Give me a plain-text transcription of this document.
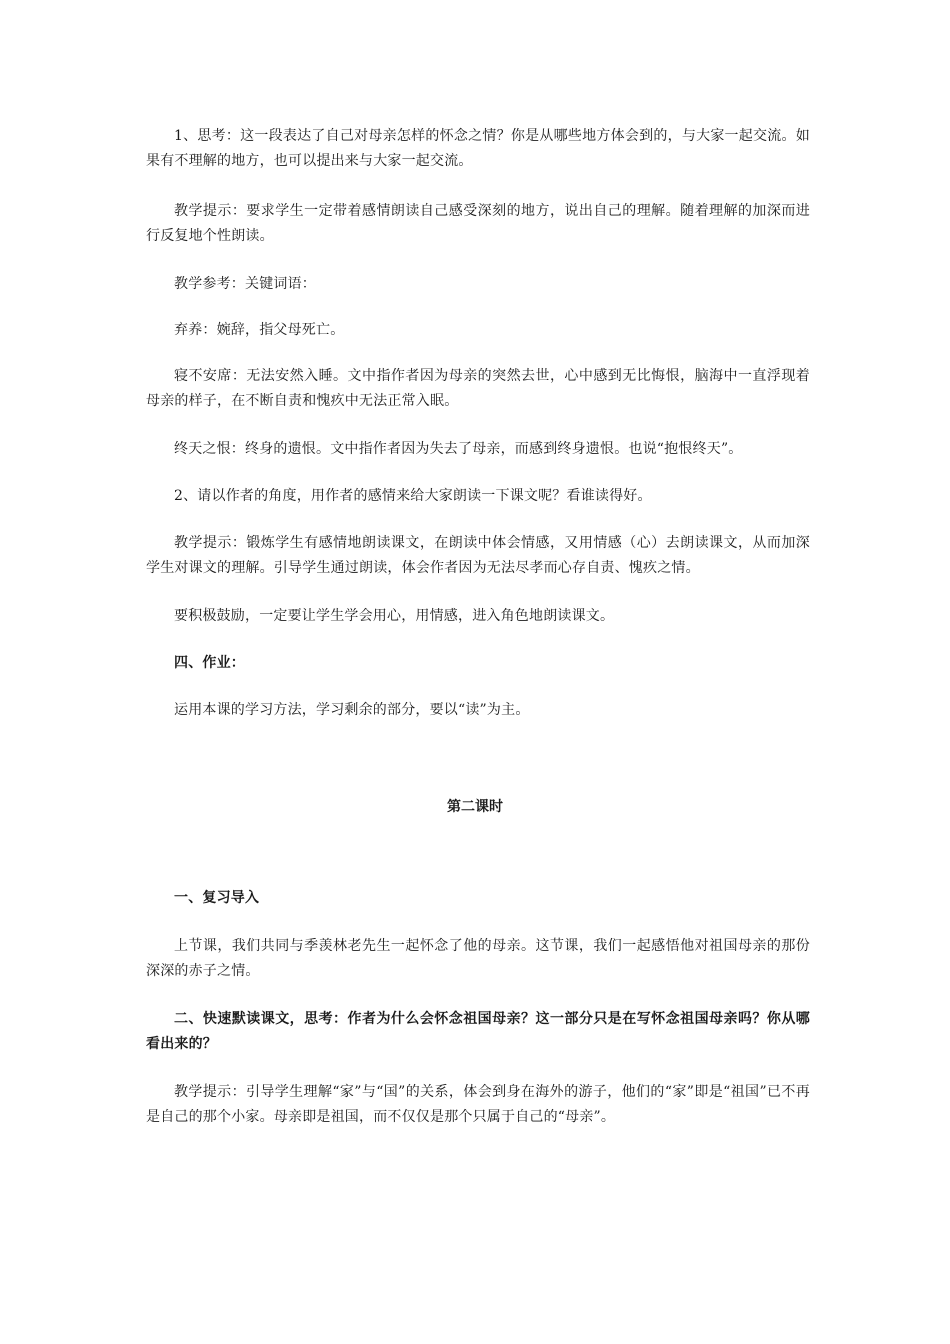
1、思考：这一段表达了自己对母亲怎样的怀念之情？你是从哪些地方体会到的，与大家一起交流。如果有不理解的地方，也可以提出来与大家一起交流。

教学提示：要求学生一定带着感情朗读自己感受深刻的地方，说出自己的理解。随着理解的加深而进行反复地个性朗读。

教学参考：关键词语：

弃养：婉辞，指父母死亡。

寝不安席：无法安然入睡。文中指作者因为母亲的突然去世，心中感到无比悔恨，脑海中一直浮现着母亲的样子，在不断自责和愧疚中无法正常入眠。

终天之恨：终身的遗恨。文中指作者因为失去了母亲，而感到终身遗恨。也说“抱恨终天”。

2、请以作者的角度，用作者的感情来给大家朗读一下课文呢？看谁读得好。

教学提示：锻炼学生有感情地朗读课文，在朗读中体会情感，又用情感（心）去朗读课文，从而加深学生对课文的理解。引导学生通过朗读，体会作者因为无法尽孝而心存自责、愧疚之情。

要积极鼓励，一定要让学生学会用心，用情感，进入角色地朗读课文。

四、作业：

运用本课的学习方法，学习剩余的部分，要以“读”为主。

第二课时

一、复习导入

上节课，我们共同与季羡林老先生一起怀念了他的母亲。这节课，我们一起感悟他对祖国母亲的那份深深的赤子之情。

二、快速默读课文，思考：作者为什么会怀念祖国母亲？这一部分只是在写怀念祖国母亲吗？你从哪看出来的？

教学提示：引导学生理解“家”与“国”的关系，体会到身在海外的游子，他们的“家”即是“祖国”已不再是自己的那个小家。母亲即是祖国，而不仅仅是那个只属于自己的“母亲”。
